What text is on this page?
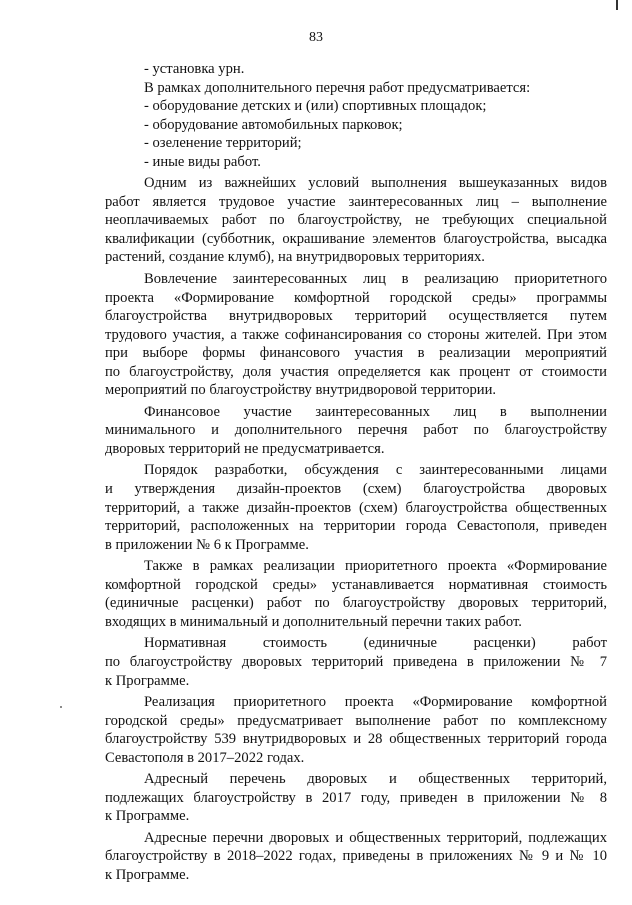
83
- установка урн.
В рамках дополнительного перечня работ предусматривается:
- оборудование детских и (или) спортивных площадок;
- оборудование автомобильных парковок;
- озеленение территорий;
- иные виды работ.
Одним из важнейших условий выполнения вышеуказанных видов
работ является трудовое участие заинтересованных лиц – выполнение
неоплачиваемых работ по благоустройству, не требующих специальной
квалификации (субботник, окрашивание элементов благоустройства, высадка
растений, создание клумб), на внутридворовых территориях.
Вовлечение заинтересованных лиц в реализацию приоритетного
проекта «Формирование комфортной городской среды» программы
благоустройства внутридворовых территорий осуществляется путем
трудового участия, а также софинансирования со стороны жителей. При этом
при выборе формы финансового участия в реализации мероприятий
по благоустройству, доля участия определяется как процент от стоимости
мероприятий по благоустройству внутридворовой территории.
Финансовое участие заинтересованных лиц в выполнении
минимального и дополнительного перечня работ по благоустройству
дворовых территорий не предусматривается.
Порядок разработки, обсуждения с заинтересованными лицами
и утверждения дизайн-проектов (схем) благоустройства дворовых
территорий, а также дизайн-проектов (схем) благоустройства общественных
территорий, расположенных на территории города Севастополя, приведен
в приложении № 6 к Программе.
Также в рамках реализации приоритетного проекта «Формирование
комфортной городской среды» устанавливается нормативная стоимость
(единичные расценки) работ по благоустройству дворовых территорий,
входящих в минимальный и дополнительный перечни таких работ.
Нормативная стоимость (единичные расценки) работ
по благоустройству дворовых территорий приведена в приложении № 7
к Программе.
Реализация приоритетного проекта «Формирование комфортной
городской среды» предусматривает выполнение работ по комплексному
благоустройству 539 внутридворовых и 28 общественных территорий города
Севастополя в 2017–2022 годах.
Адресный перечень дворовых и общественных территорий,
подлежащих благоустройству в 2017 году, приведен в приложении № 8
к Программе.
Адресные перечни дворовых и общественных территорий, подлежащих
благоустройству в 2018–2022 годах, приведены в приложениях № 9 и № 10
к Программе.
